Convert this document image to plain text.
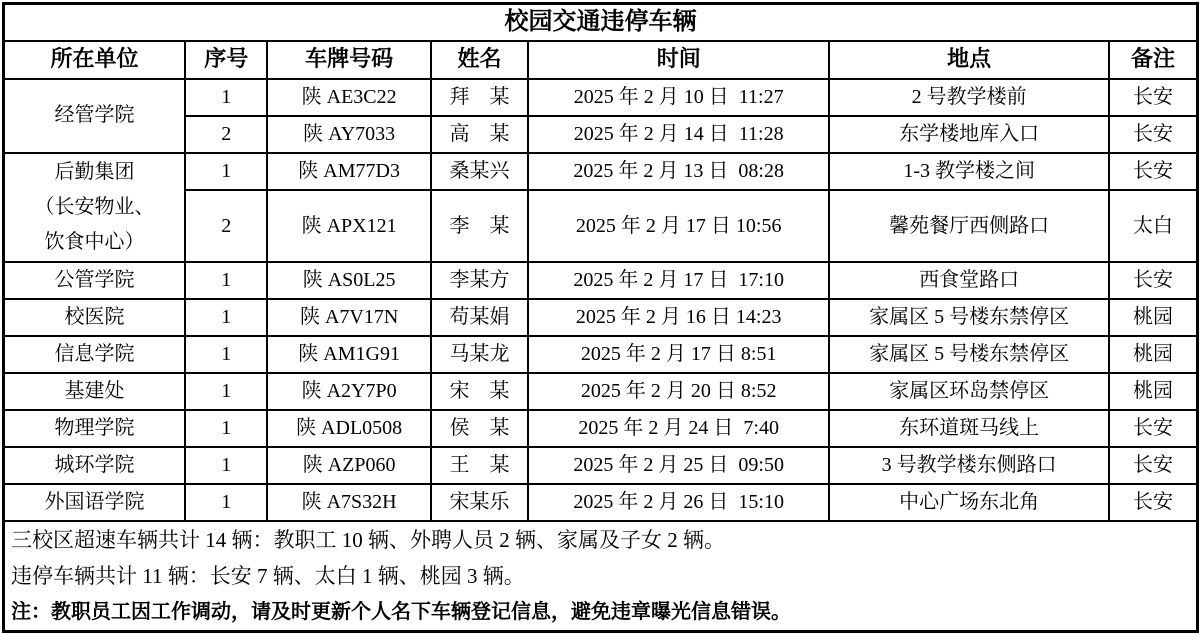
校园交通违停车辆						
所在单位	序号	车牌号码	姓名	时间	地点	备注

经管学院	1	陕 AE3C22	拜　某	2025 年 2 月 10 日  11:27	2 号教学楼前	长安
	2	陕 AY7033	高　某	2025 年 2 月 14 日  11:28	东学楼地库入口	长安

后勤集团
（长安物业、
饮食中心）	1	陕 AM77D3	桑某兴	2025 年 2 月 13 日  08:28	1-3 教学楼之间	长安
	2	陕 APX121	李　某	2025 年 2 月 17 日 10:56	馨苑餐厅西侧路口	太白

公管学院	1	陕 AS0L25	李某方	2025 年 2 月 17 日  17:10	西食堂路口	长安

校医院	1	陕 A7V17N	苟某娟	2025 年 2 月 16 日 14:23	家属区 5 号楼东禁停区	桃园

信息学院	1	陕 AM1G91	马某龙	2025 年 2 月 17 日 8:51	家属区 5 号楼东禁停区	桃园

基建处	1	陕 A2Y7P0	宋　某	2025 年 2 月 20 日 8:52	家属区环岛禁停区	桃园

物理学院	1	陕 ADL0508	侯　某	2025 年 2 月 24 日  7:40	东环道斑马线上	长安

城环学院	1	陕 AZP060	王　某	2025 年 2 月 25 日  09:50	3 号教学楼东侧路口	长安

外国语学院	1	陕 A7S32H	宋某乐	2025 年 2 月 26 日  15:10	中心广场东北角	长安

三校区超速车辆共计 14 辆：教职工 10 辆、外聘人员 2 辆、家属及子女 2 辆。
违停车辆共计 11 辆：长安 7 辆、太白 1 辆、桃园 3 辆。
注：教职员工因工作调动，请及时更新个人名下车辆登记信息，避免违章曝光信息错误。						
